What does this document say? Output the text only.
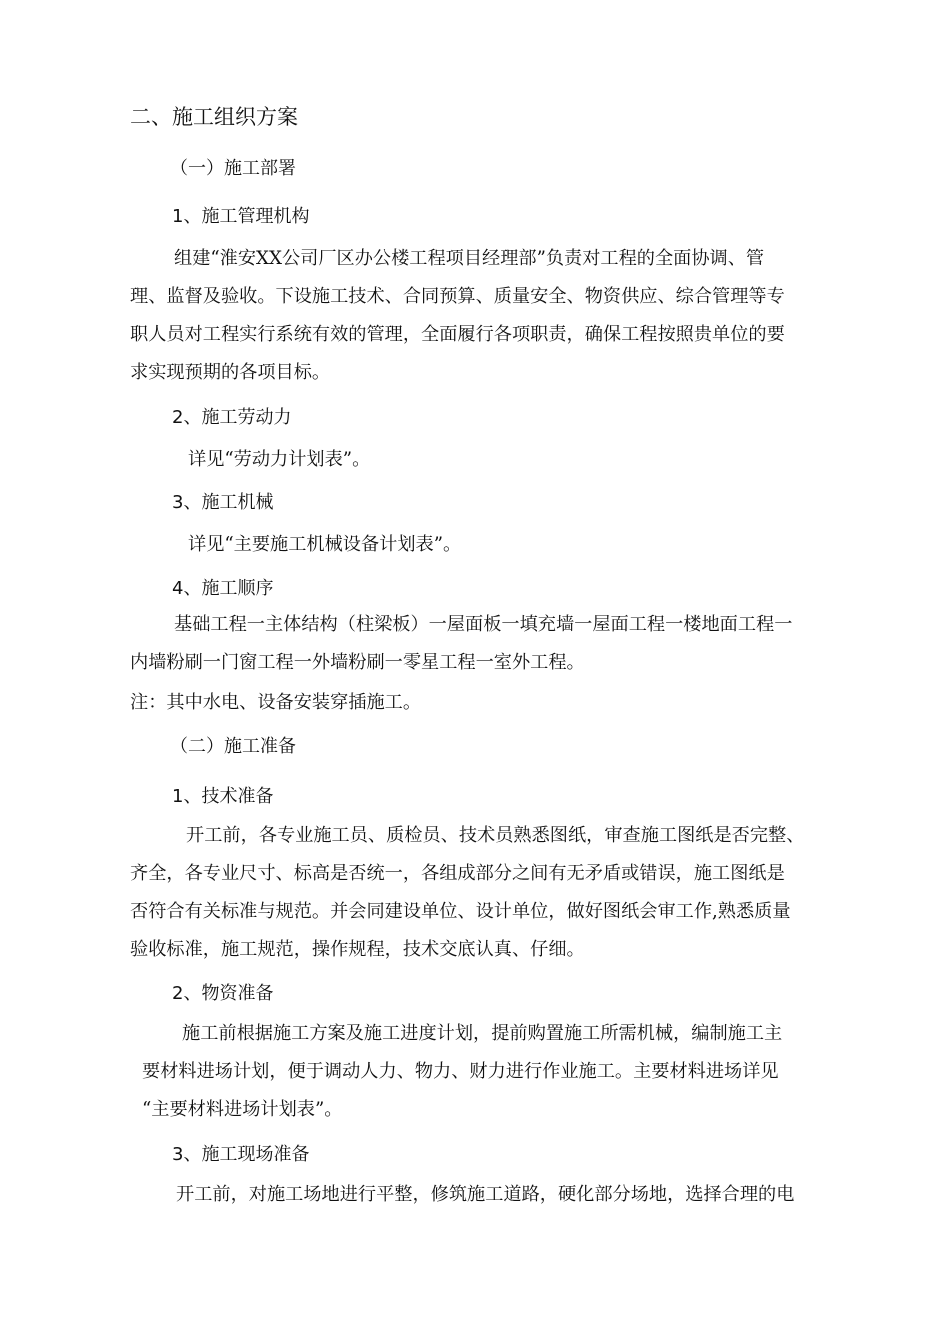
二、施工组织方案
（一）施工部署
1、施工管理机构

组建“淮安XX公司厂区办公楼工程项目经理部”负责对工程的全面协调、管

理、监督及验收。下设施工技术、合同预算、质量安全、物资供应、综合管理等专

职人员对工程实行系统有效的管理，全面履行各项职责，确保工程按照贵单位的要

求实现预期的各项目标。

2、施工劳动力

详见“劳动力计划表”。

3、施工机械

详见“主要施工机械设备计划表”。

4、施工顺序

基础工程一主体结构（柱梁板）一屋面板一填充墙一屋面工程一楼地面工程一

内墙粉刷一门窗工程一外墙粉刷一零星工程一室外工程。

注：其中水电、设备安装穿插施工。

（二）施工准备
1、技术准备

开工前，各专业施工员、质检员、技术员熟悉图纸，审查施工图纸是否完整、

齐全，各专业尺寸、标高是否统一，各组成部分之间有无矛盾或错误，施工图纸是

否符合有关标准与规范。并会同建设单位、设计单位，做好图纸会审工作,熟悉质量

验收标准，施工规范，操作规程，技术交底认真、仔细。

2、物资准备

施工前根据施工方案及施工进度计划，提前购置施工所需机械，编制施工主

要材料进场计划，便于调动人力、物力、财力进行作业施工。主要材料进场详见

“主要材料进场计划表”。

3、施工现场准备

开工前，对施工场地进行平整，修筑施工道路，硬化部分场地，选择合理的电
